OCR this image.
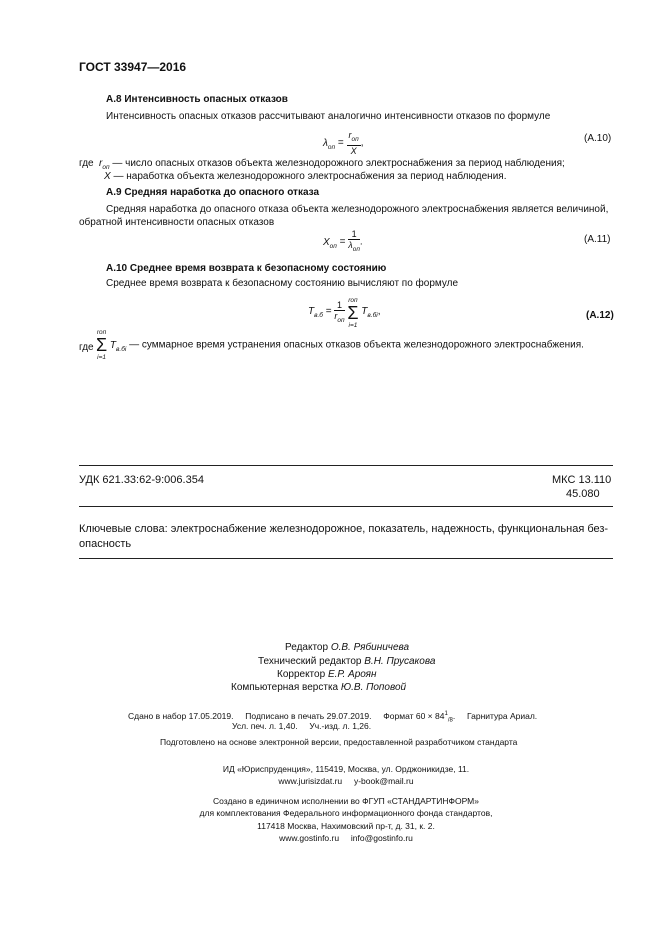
ГОСТ 33947—2016
А.8 Интенсивность опасных отказов
Интенсивность опасных отказов рассчитывают аналогично интенсивности отказов по формуле
$\lambda_{оп} = \frac{r_{оп}}{X}$ ,	(А.10)
где $r_{оп}$ — число опасных отказов объекта железнодорожного электроснабжения за период наблюдения;
X — наработка объекта железнодорожного электроснабжения за период наблюдения.
А.9 Средняя наработка до опасного отказа
Средняя наработка до опасного отказа объекта железнодорожного электроснабжения является величиной,
обратной интенсивности опасных отказов
$X_{оп} = \frac{1}{\lambda_{оп}}$ .	(А.11)
А.10 Среднее время возврата к безопасному состоянию
Среднее время возврата к безопасному состоянию вычисляют по формуле
$T_{в.б} = \frac{1}{r_{оп}}$
rоп
Σ
i=1
$T_{в.бi}$,	(А.12)
где
rоп
Σ
i=1
$T_{в.бi}$ — суммарное время устранения опасных отказов объекта железнодорожного электроснабжения.
УДК 621.33:62-9:006.354	МКС 13.110
45.080
Ключевые слова: электроснабжение железнодорожное, показатель, надежность, функциональная без-
опасность
Редактор О.В. Рябиничева
Технический редактор В.Н. Прусакова
Корректор Е.Р. Ароян
Компьютерная верстка Ю.В. Поповой
Сдано в набор 17.05.2019.     Подписано в печать 29.07.2019.     Формат $60 \times 84^1_{/8}$.     Гарнитура Ариал.
Усл. печ. л. 1,40.     Уч.-изд. л. 1,26.
Подготовлено на основе электронной версии, предоставленной разработчиком стандарта
ИД «Юриспруденция», 115419, Москва, ул. Орджоникидзе, 11.
www.jurisizdat.ru     y-book@mail.ru
Создано в единичном исполнении во ФГУП «СТАНДАРТИНФОРМ»
для комплектования Федерального информационного фонда стандартов,
117418 Москва, Нахимовский пр-т, д. 31, к. 2.
www.gostinfo.ru     info@gostinfo.ru
